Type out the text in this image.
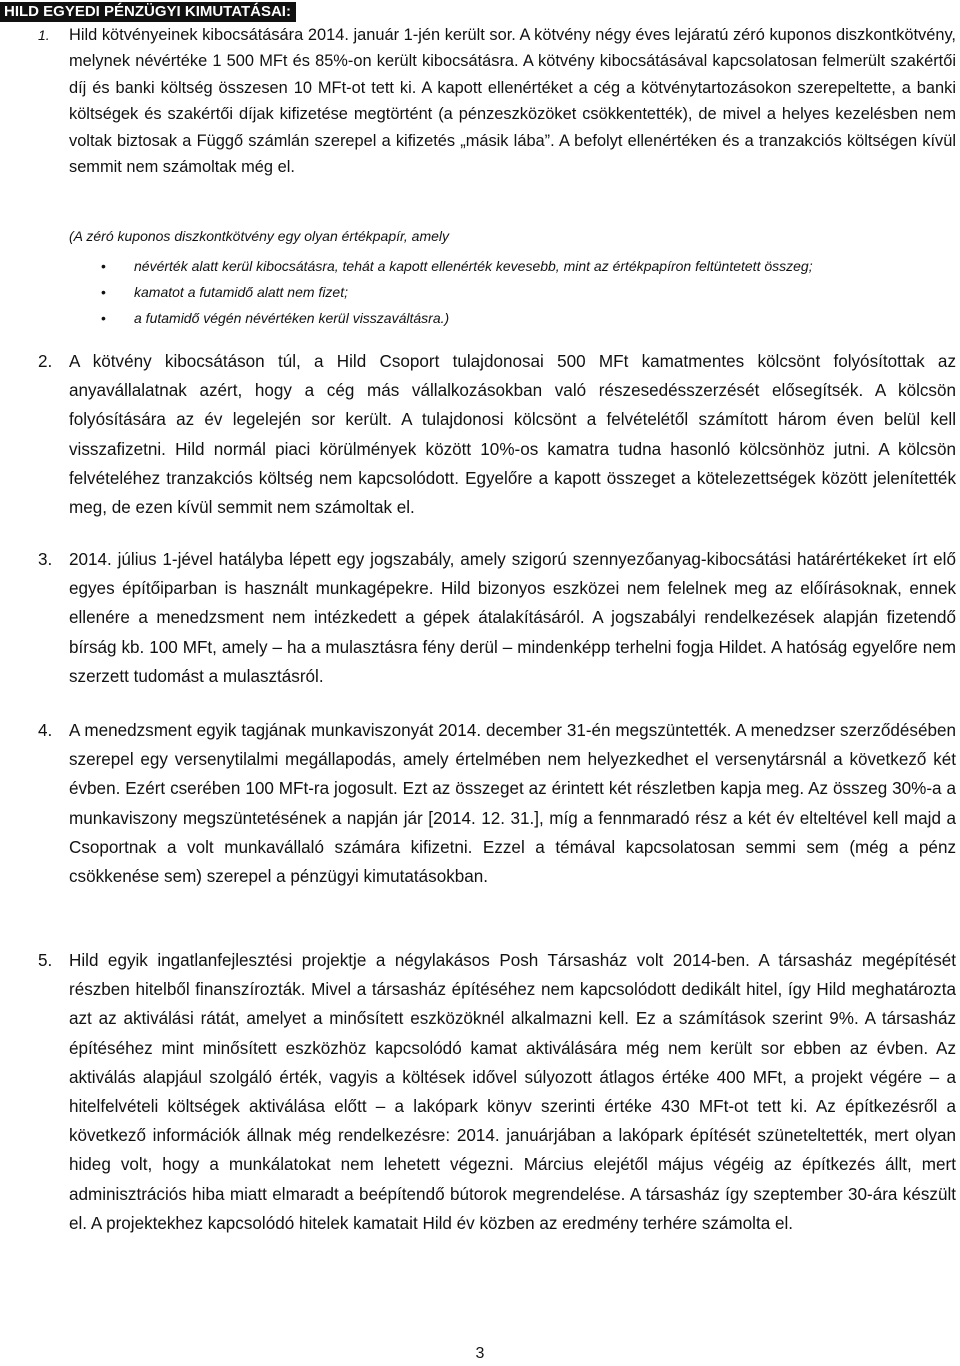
HILD EGYEDI PÉNZÜGYI KIMUTATÁSAI:
1. Hild kötvényeinek kibocsátására 2014. január 1-jén került sor. A kötvény négy éves lejáratú zéró kuponos diszkontkötvény, melynek névértéke 1 500 MFt és 85%-on került kibocsátásra. A kötvény kibocsátásával kapcsolatosan felmerült szakértői díj és banki költség összesen 10 MFt-ot tett ki. A kapott ellenértéket a cég a kötvénytartozásokon szerepeltette, a banki költségek és szakértői díjak kifizetése megtörtént (a pénzeszközöket csökkentették), de mivel a helyes kezelésben nem voltak biztosak a Függő számlán szerepel a kifizetés „másik lába”. A befolyt ellenértéken és a tranzakciós költségen kívül semmit nem számoltak még el.
(A zéró kuponos diszkontkötvény egy olyan értékpapír, amely
• névérték alatt kerül kibocsátásra, tehát a kapott ellenérték kevesebb, mint az értékpapíron feltüntetett összeg;
• kamatot a futamidő alatt nem fizet;
• a futamidő végén névértéken kerül visszaváltásra.)
2. A kötvény kibocsátáson túl, a Hild Csoport tulajdonosai 500 MFt kamatmentes kölcsönt folyósítottak az anyavállalatnak azért, hogy a cég más vállalkozásokban való részesedésszerzését elősegítsék. A kölcsön folyósítására az év legelején sor került. A tulajdonosi kölcsönt a felvételétől számított három éven belül kell visszafizetni. Hild normál piaci körülmények között 10%-os kamatra tudna hasonló kölcsönhöz jutni. A kölcsön felvételéhez tranzakciós költség nem kapcsolódott. Egyelőre a kapott összeget a kötelezettségek között jelenítették meg, de ezen kívül semmit nem számoltak el.
3. 2014. július 1-jével hatályba lépett egy jogszabály, amely szigorú szennyezőanyag-kibocsátási határértékeket írt elő egyes építőiparban is használt munkagépekre. Hild bizonyos eszközei nem felelnek meg az előírásoknak, ennek ellenére a menedzsment nem intézkedett a gépek átalakításáról. A jogszabályi rendelkezések alapján fizetendő bírság kb. 100 MFt, amely – ha a mulasztásra fény derül – mindenképp terhelni fogja Hildet. A hatóság egyelőre nem szerzett tudomást a mulasztásról.
4. A menedzsment egyik tagjának munkaviszonyát 2014. december 31-én megszüntették. A menedzser szerződésében szerepel egy versenytilalmi megállapodás, amely értelmében nem helyezkedhet el versenytársnál a következő két évben. Ezért cserében 100 MFt-ra jogosult. Ezt az összeget az érintett két részletben kapja meg. Az összeg 30%-a a munkaviszony megszüntetésének a napján jár [2014. 12. 31.], míg a fennmaradó rész a két év elteltével kell majd a Csoportnak a volt munkavállaló számára kifizetni. Ezzel a témával kapcsolatosan semmi sem (még a pénz csökkenése sem) szerepel a pénzügyi kimutatásokban.
5. Hild egyik ingatlanfejlesztési projektje a négylakásos Posh Társasház volt 2014-ben. A társasház megépítését részben hitelből finanszírozták. Mivel a társasház építéséhez nem kapcsolódott dedikált hitel, így Hild meghatározta azt az aktiválási rátát, amelyet a minősített eszközöknél alkalmazni kell. Ez a számítások szerint 9%. A társasház építéséhez mint minősített eszközhöz kapcsolódó kamat aktiválására még nem került sor ebben az évben. Az aktiválás alapjául szolgáló érték, vagyis a költések idővel súlyozott átlagos értéke 400 MFt, a projekt végére – a hitelfelvételi költségek aktiválása előtt – a lakópark könyv szerinti értéke 430 MFt-ot tett ki. Az építkezésről a következő információk állnak még rendelkezésre: 2014. januárjában a lakópark építését szüneteltették, mert olyan hideg volt, hogy a munkálatokat nem lehetett végezni. Március elejétől május végéig az építkezés állt, mert adminisztrációs hiba miatt elmaradt a beépítendő bútorok megrendelése. A társasház így szeptember 30-ára készült el. A projektekhez kapcsolódó hitelek kamatait Hild év közben az eredmény terhére számolta el.
3
